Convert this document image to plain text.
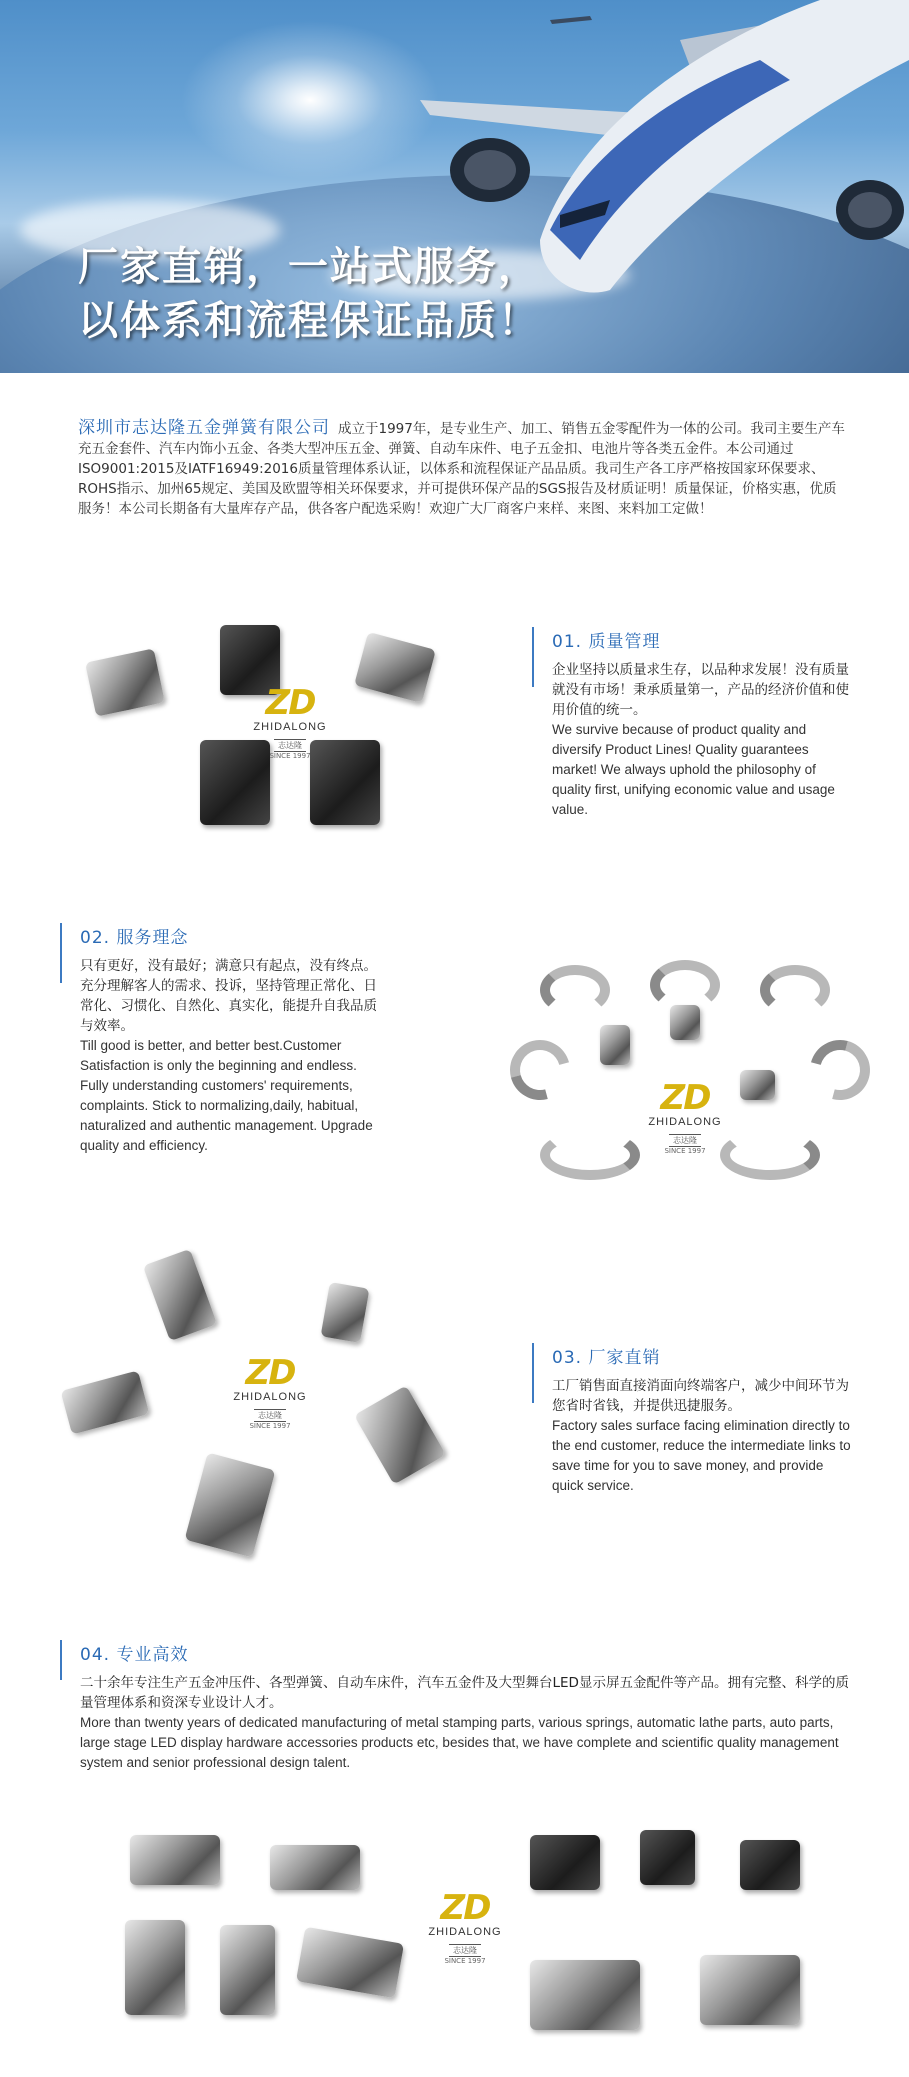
厂家直销，一站式服务，
以体系和流程保证品质！
深圳市志达隆五金弹簧有限公司 成立于1997年，是专业生产、加工、销售五金零配件为一体的公司。我司主要生产车充五金套件、汽车内饰小五金、各类大型冲压五金、弹簧、自动车床件、电子五金扣、电池片等各类五金件。本公司通过ISO9001:2015及IATF16949:2016质量管理体系认证，以体系和流程保证产品品质。我司生产各工序严格按国家环保要求、ROHS指示、加州65规定、美国及欧盟等相关环保要求，并可提供环保产品的SGS报告及材质证明！质量保证，价格实惠，优质服务！本公司长期备有大量库存产品，供各客户配选采购！欢迎广大厂商客户来样、来图、来料加工定做！
ZD
ZHIDALONG
志达隆
SINCE 1997
01. 质量管理
企业坚持以质量求生存，以品种求发展！没有质量就没有市场！秉承质量第一，产品的经济价值和使用价值的统一。
We survive because of product quality and diversify Product Lines! Quality guarantees market! We always uphold the philosophy of quality first, unifying economic value and usage value.
02. 服务理念
只有更好，没有最好；满意只有起点，没有终点。充分理解客人的需求、投诉，坚持管理正常化、日常化、习惯化、自然化、真实化，能提升自我品质与效率。
Till good is better, and better best.Customer Satisfaction is only the beginning and endless. Fully understanding customers' requirements, complaints. Stick to normalizing,daily, habitual, naturalized and authentic management. Upgrade quality and efficiency.
ZD
ZHIDALONG
志达隆
SINCE 1997
ZD
ZHIDALONG
志达隆
SINCE 1997
03. 厂家直销
工厂销售面直接消面向终端客户，减少中间环节为您省时省钱，并提供迅捷服务。
Factory sales surface facing elimination directly to the end customer, reduce the intermediate links to save time for you to save money, and provide quick service.
04. 专业高效
二十余年专注生产五金冲压件、各型弹簧、自动车床件，汽车五金件及大型舞台LED显示屏五金配件等产品。拥有完整、科学的质量管理体系和资深专业设计人才。
More than twenty years of dedicated manufacturing of metal stamping parts, various springs, automatic lathe parts, auto parts, large stage LED display hardware accessories products etc, besides that, we have complete and scientific quality management system and senior professional design talent.
ZD
ZHIDALONG
志达隆
SINCE 1997
